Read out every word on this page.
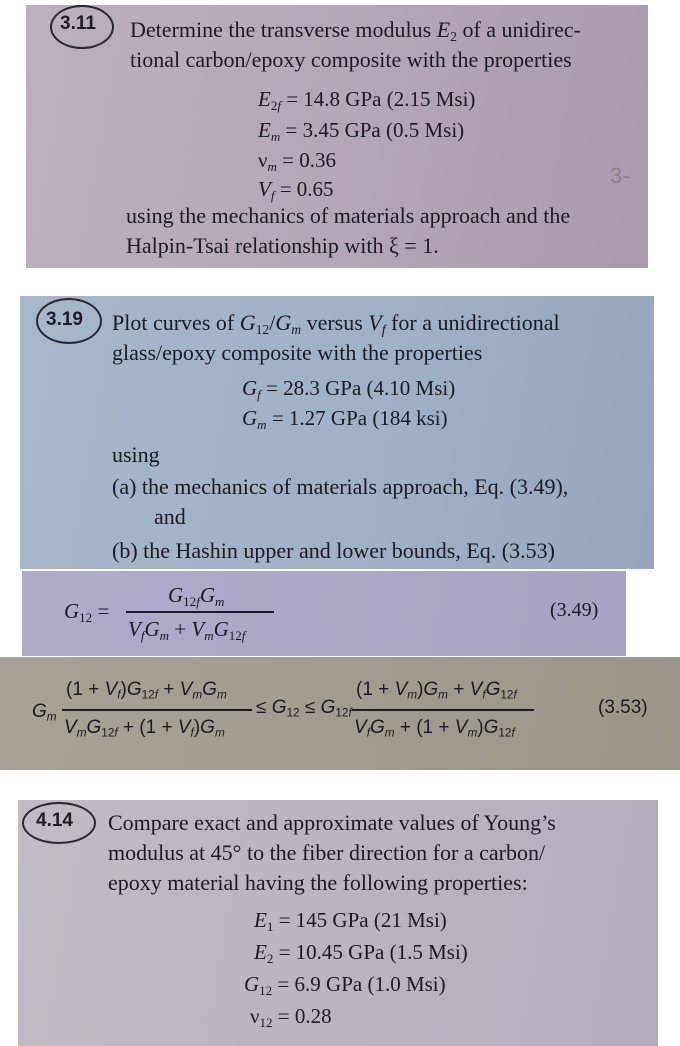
3.11 Determine the transverse modulus $E_2$ of a unidirec-
tional carbon/epoxy composite with the properties
$E_{2f} = 14.8$ GPa (2.15 Msi)
$E_m = 3.45$ GPa (0.5 Msi)
$\nu_m = 0.36$
$V_f = 0.65$
3-
using the mechanics of materials approach and the
Halpin-Tsai relationship with ξ = 1.
3.19 Plot curves of $G_{12}/G_m$ versus $V_f$ for a unidirectional
glass/epoxy composite with the properties
$G_f = 28.3$ GPa (4.10 Msi)
$G_m = 1.27$ GPa (184 ksi)
using
(a) the mechanics of materials approach, Eq. (3.49),
and
(b) the Hashin upper and lower bounds, Eq. (3.53)
$G_{12}$ =
$G_{12f}G_m$
$V_fG_m + V_mG_{12f}$
(3.49)
$G_m$
$(1 + V_f)G_{12f} + V_mG_m$
$V_mG_{12f} + (1 + V_f)G_m$
≤ $G_{12} \le G_{12f}$
$(1 + V_m)G_m + V_fG_{12f}$
$V_fG_m + (1 + V_m)G_{12f}$
(3.53)
4.14 Compare exact and approximate values of Young’s
modulus at 45° to the fiber direction for a carbon/
epoxy material having the following properties:
$E_1 = 145$ GPa (21 Msi)
$E_2 = 10.45$ GPa (1.5 Msi)
$G_{12} = 6.9$ GPa (1.0 Msi)
$\nu_{12} = 0.28$
